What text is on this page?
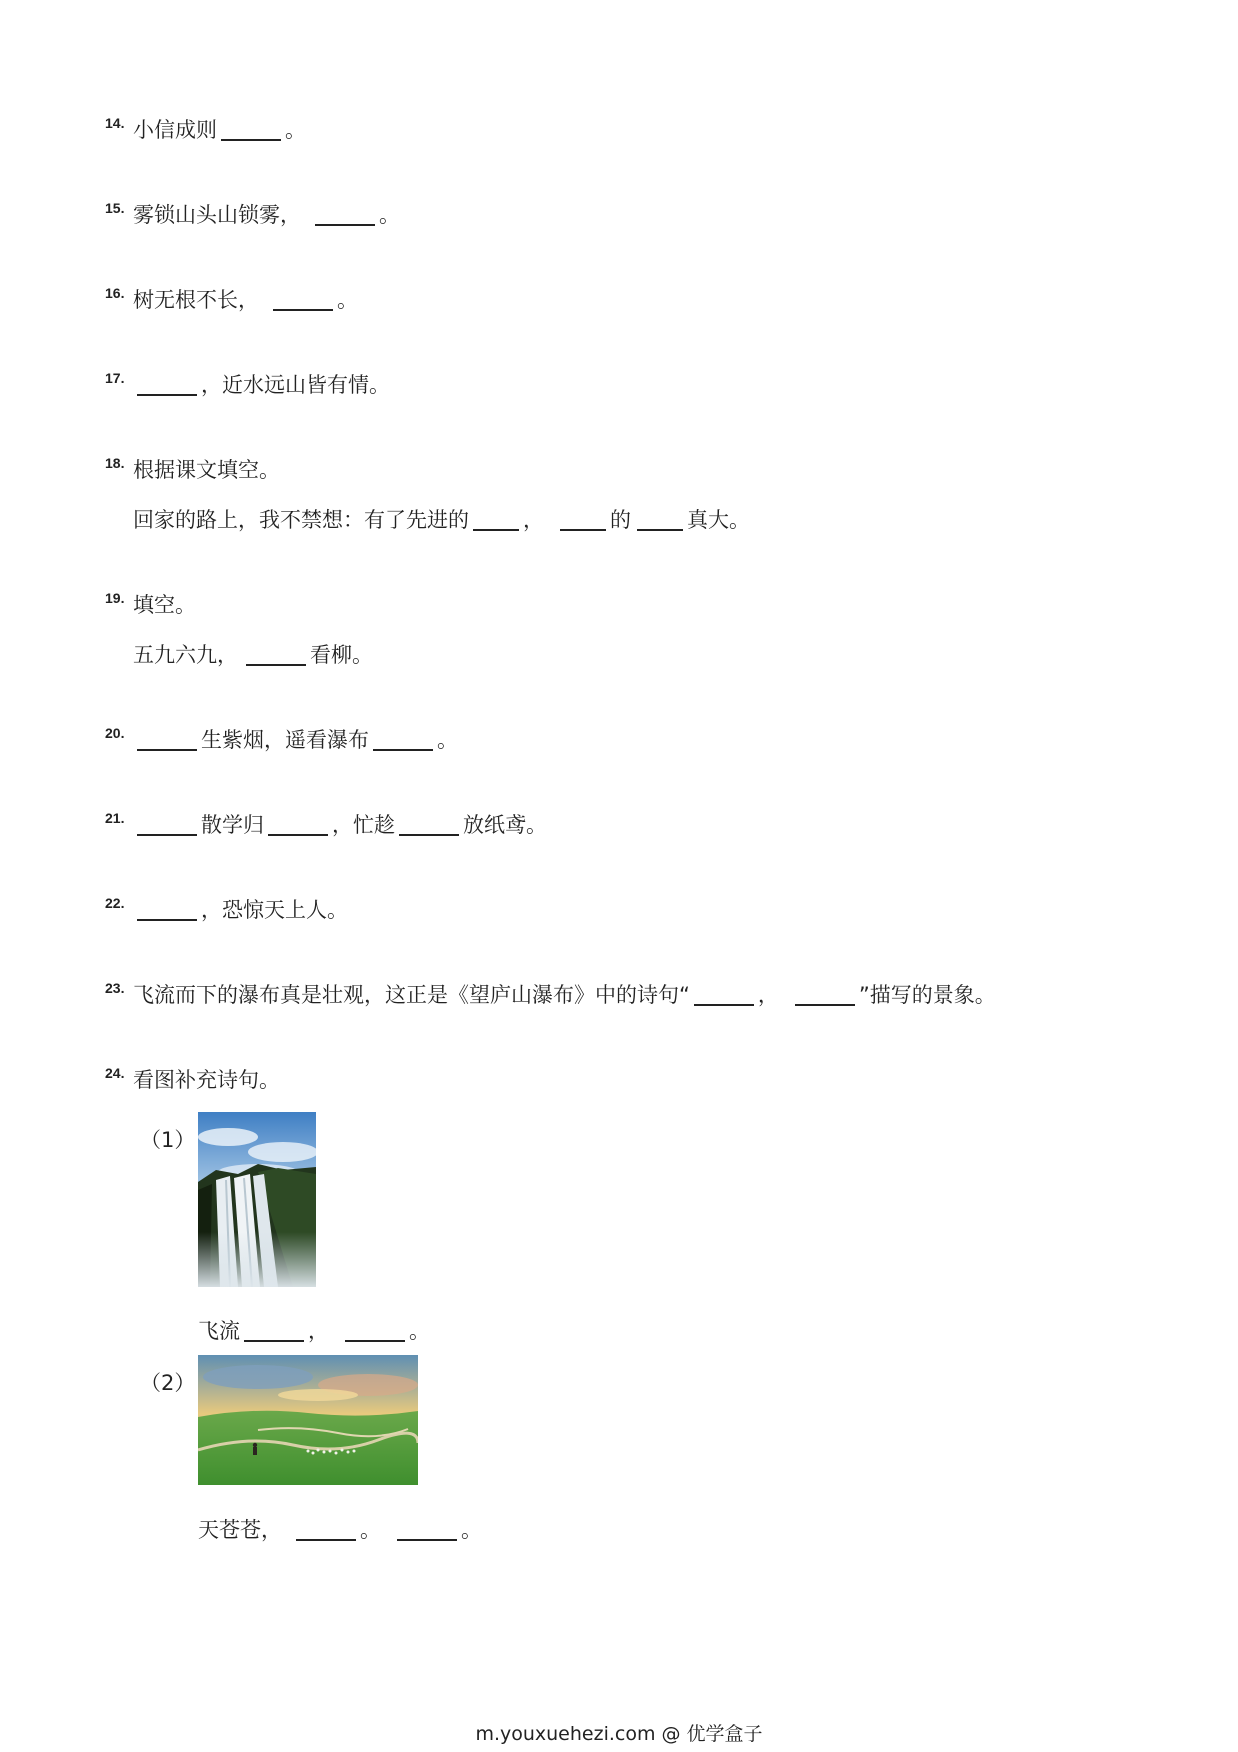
14. 小信成则	。
15. 雾锁山头山锁雾，	。
16. 树无根不长，	。
17.	，近水远山皆有情。
18. 根据课文填空。
回家的路上，我不禁想：有了先进的	，	的	真大。
19. 填空。
五九六九，	看柳。
20.	生紫烟，遥看瀑布	。
21.	散学归	，忙趁	放纸鸢。
22.	，恐惊天上人。
23. 飞流而下的瀑布真是壮观，这正是《望庐山瀑布》中的诗句“	，	”描写的景象。
24. 看图补充诗句。
（1）
飞流	，	。
（2）
天苍苍，	。	。
m.youxuehezi.com @ 优学盒子
